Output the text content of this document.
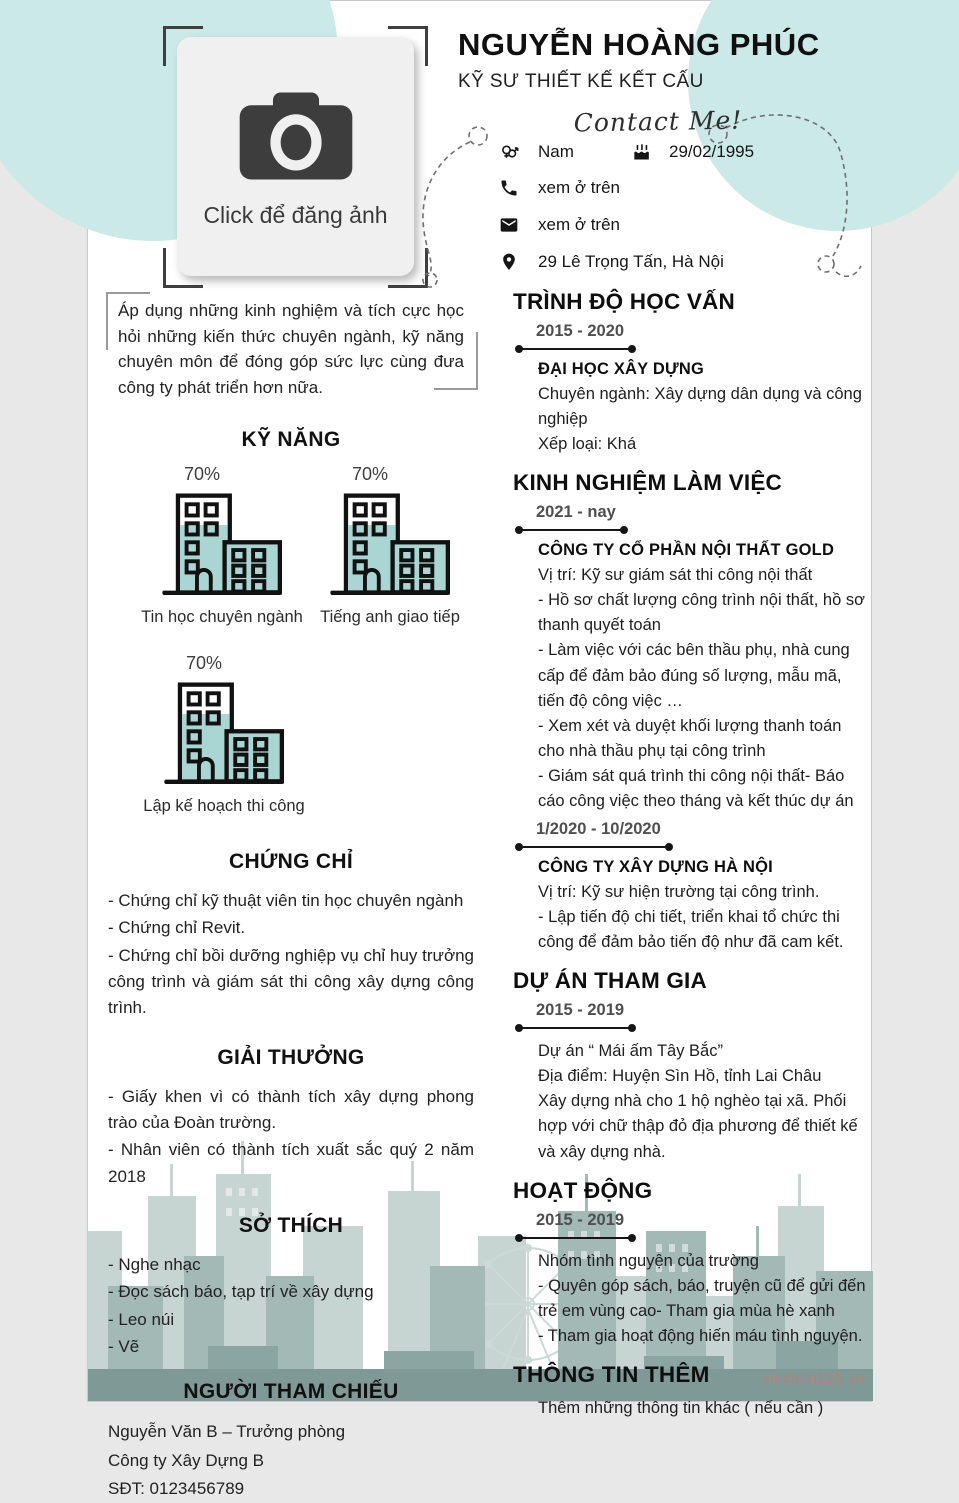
Click để đăng ảnh
NGUYỄN HOÀNG PHÚC
KỸ SƯ THIẾT KẾ KẾT CẤU
Contact Me!
Nam	29/02/1995
xem ở trên
xem ở trên
29 Lê Trọng Tấn, Hà Nội
Áp dụng những kinh nghiệm và tích cực học hỏi những kiến thức chuyên ngành, kỹ năng chuyên môn để đóng góp sức lực cùng đưa công ty phát triển hơn nữa.
KỸ NĂNG
70%
Tin học chuyên ngành
70%
Tiếng anh giao tiếp
70%
Lập kế hoạch thi công
CHỨNG CHỈ
- Chứng chỉ kỹ thuật viên tin học chuyên ngành
- Chứng chỉ Revit.
- Chứng chỉ bồi dưỡng nghiệp vụ chỉ huy trưởng công trình và giám sát thi công xây dựng công trình.
GIẢI THƯỞNG
- Giấy khen vì có thành tích xây dựng phong trào của Đoàn trường.
- Nhân viên có thành tích xuất sắc quý 2 năm 2018
SỞ THÍCH
- Nghe nhạc
- Đọc sách báo, tạp trí về xây dựng
- Leo núi
- Vẽ
NGƯỜI THAM CHIẾU
Nguyễn Văn B – Trưởng phòng
Công ty Xây Dựng B
SĐT: 0123456789
TRÌNH ĐỘ HỌC VẤN
2015 - 2020
ĐẠI HỌC XÂY DỰNG
Chuyên ngành: Xây dựng dân dụng và công nghiệp
Xếp loại: Khá
KINH NGHIỆM LÀM VIỆC
2021 - nay
CÔNG TY CỔ PHẦN NỘI THẤT GOLD
Vị trí: Kỹ sư giám sát thi công nội thất
- Hồ sơ chất lượng công trình nội thất, hồ sơ thanh quyết toán
- Làm việc với các bên thầu phụ, nhà cung cấp để đảm bảo đúng số lượng, mẫu mã, tiến độ công việc …
- Xem xét và duyệt khối lượng thanh toán cho nhà thầu phụ tại công trình
- Giám sát quá trình thi công nội thất- Báo cáo công việc theo tháng và kết thúc dự án
1/2020 - 10/2020
CÔNG TY XÂY DỰNG HÀ NỘI
Vị trí: Kỹ sư hiện trường tại công trình.
- Lập tiến độ chi tiết, triển khai tổ chức thi công để đảm bảo tiến độ như đã cam kết.
DỰ ÁN THAM GIA
2015 - 2019
Dự án “ Mái ấm Tây Bắc”
Địa điểm: Huyện Sìn Hồ, tỉnh Lai Châu
Xây dựng nhà cho 1 hộ nghèo tại xã. Phối hợp với chữ thập đỏ địa phương để thiết kế và xây dựng nhà.
HOẠT ĐỘNG
2015 - 2019
Nhóm tình nguyện của trường
- Quyên góp sách, báo, truyện cũ để gửi đến trẻ em vùng cao- Tham gia mùa hè xanh
- Tham gia hoạt động hiến máu tình nguyện.
THÔNG TIN THÊM
Thêm những thông tin khác ( nếu cần )
vieclam123.vn
